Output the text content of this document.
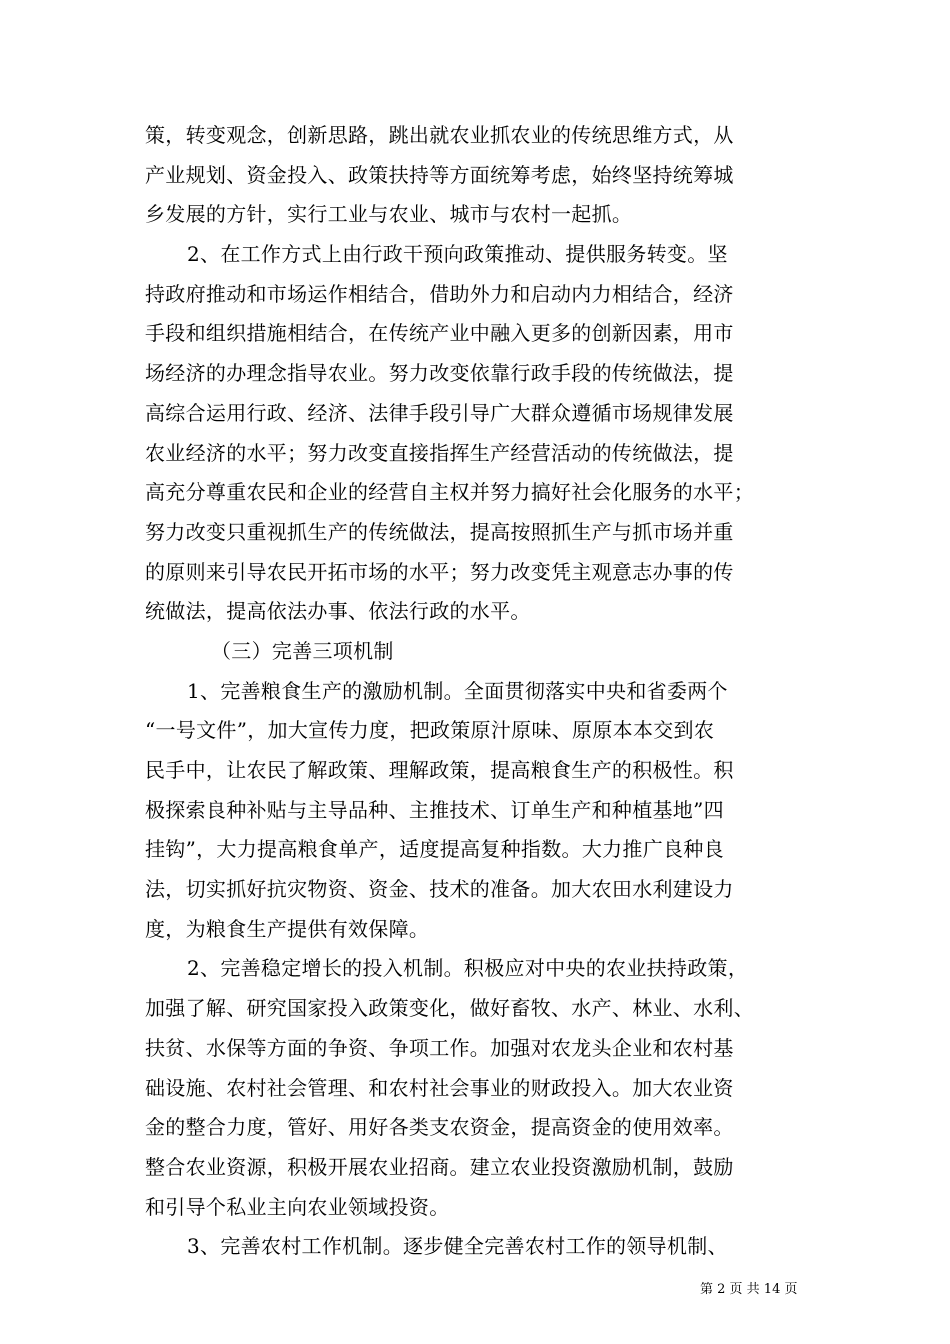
策，转变观念，创新思路，跳出就农业抓农业的传统思维方式，从
产业规划、资金投入、政策扶持等方面统筹考虑，始终坚持统筹城
乡发展的方针，实行工业与农业、城市与农村一起抓。
2、在工作方式上由行政干预向政策推动、提供服务转变。坚
持政府推动和市场运作相结合，借助外力和启动内力相结合，经济
手段和组织措施相结合，在传统产业中融入更多的创新因素，用市
场经济的办理念指导农业。努力改变依靠行政手段的传统做法，提
高综合运用行政、经济、法律手段引导广大群众遵循市场规律发展
农业经济的水平；努力改变直接指挥生产经营活动的传统做法，提
高充分尊重农民和企业的经营自主权并努力搞好社会化服务的水平；
努力改变只重视抓生产的传统做法，提高按照抓生产与抓市场并重
的原则来引导农民开拓市场的水平；努力改变凭主观意志办事的传
统做法，提高依法办事、依法行政的水平。
（三）完善三项机制
1、完善粮食生产的激励机制。全面贯彻落实中央和省委两个
“一号文件”，加大宣传力度，把政策原汁原味、原原本本交到农
民手中，让农民了解政策、理解政策，提高粮食生产的积极性。积
极探索良种补贴与主导品种、主推技术、订单生产和种植基地”四
挂钩”，大力提高粮食单产，适度提高复种指数。大力推广良种良
法，切实抓好抗灾物资、资金、技术的准备。加大农田水利建设力
度，为粮食生产提供有效保障。
2、完善稳定增长的投入机制。积极应对中央的农业扶持政策，
加强了解、研究国家投入政策变化，做好畜牧、水产、林业、水利、
扶贫、水保等方面的争资、争项工作。加强对农龙头企业和农村基
础设施、农村社会管理、和农村社会事业的财政投入。加大农业资
金的整合力度，管好、用好各类支农资金，提高资金的使用效率。
整合农业资源，积极开展农业招商。建立农业投资激励机制，鼓励
和引导个私业主向农业领域投资。
3、完善农村工作机制。逐步健全完善农村工作的领导机制、
第 2 页 共 14 页
